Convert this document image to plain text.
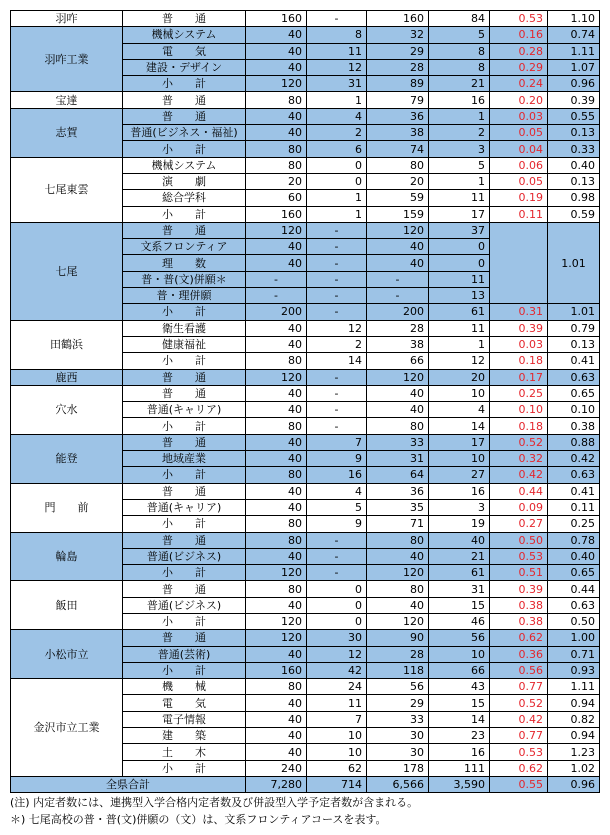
羽咋	普　　通	160	-	160	84	0.53	1.10
羽咋工業	機械システム	40	8	32	5	0.16	0.74
	電　　気	40	11	29	8	0.28	1.11
	建設・デザイン	40	12	28	8	0.29	1.07
	小　　計	120	31	89	21	0.24	0.96
宝達	普　　通	80	1	79	16	0.20	0.39
志賀	普　　通	40	4	36	1	0.03	0.55
	普通(ビジネス・福祉)	40	2	38	2	0.05	0.13
	小　　計	80	6	74	3	0.04	0.33
七尾東雲	機械システム	80	0	80	5	0.06	0.40
	演　　劇	20	0	20	1	0.05	0.13
	総合学科	60	1	59	11	0.19	0.98
	小　　計	160	1	159	17	0.11	0.59
七尾	普　　通	120	-	120	37		1.01
	文系フロンティア	40	-	40	0		
	理　　数	40	-	40	0		
	普・普(文)併願＊	-	-	-	11		
	普・理併願	-	-	-	13		
	小　　計	200	-	200	61	0.31	1.01
田鶴浜	衛生看護	40	12	28	11	0.39	0.79
	健康福祉	40	2	38	1	0.03	0.13
	小　　計	80	14	66	12	0.18	0.41
鹿西	普　　通	120	-	120	20	0.17	0.63
穴水	普　　通	40	-	40	10	0.25	0.65
	普通(キャリア)	40	-	40	4	0.10	0.10
	小　　計	80	-	80	14	0.18	0.38
能登	普　　通	40	7	33	17	0.52	0.88
	地域産業	40	9	31	10	0.32	0.42
	小　　計	80	16	64	27	0.42	0.63
門　　前	普　　通	40	4	36	16	0.44	0.41
	普通(キャリア)	40	5	35	3	0.09	0.11
	小　　計	80	9	71	19	0.27	0.25
輪島	普　　通	80	-	80	40	0.50	0.78
	普通(ビジネス)	40	-	40	21	0.53	0.40
	小　　計	120	-	120	61	0.51	0.65
飯田	普　　通	80	0	80	31	0.39	0.44
	普通(ビジネス)	40	0	40	15	0.38	0.63
	小　　計	120	0	120	46	0.38	0.50
小松市立	普　　通	120	30	90	56	0.62	1.00
	普通(芸術)	40	12	28	10	0.36	0.71
	小　　計	160	42	118	66	0.56	0.93
金沢市立工業	機　　械	80	24	56	43	0.77	1.11
	電　　気	40	11	29	15	0.52	0.94
	電子情報	40	7	33	14	0.42	0.82
	建　　築	40	10	30	23	0.77	0.94
	土　　木	40	10	30	16	0.53	1.23
	小　　計	240	62	178	111	0.62	1.02
全県合計		7,280	714	6,566	3,590	0.55	0.96
(注) 内定者数には、連携型入学合格内定者数及び併設型入学予定者数が含まれる。
＊) 七尾高校の普・普(文)併願の（文）は、文系フロンティアコースを表す。
